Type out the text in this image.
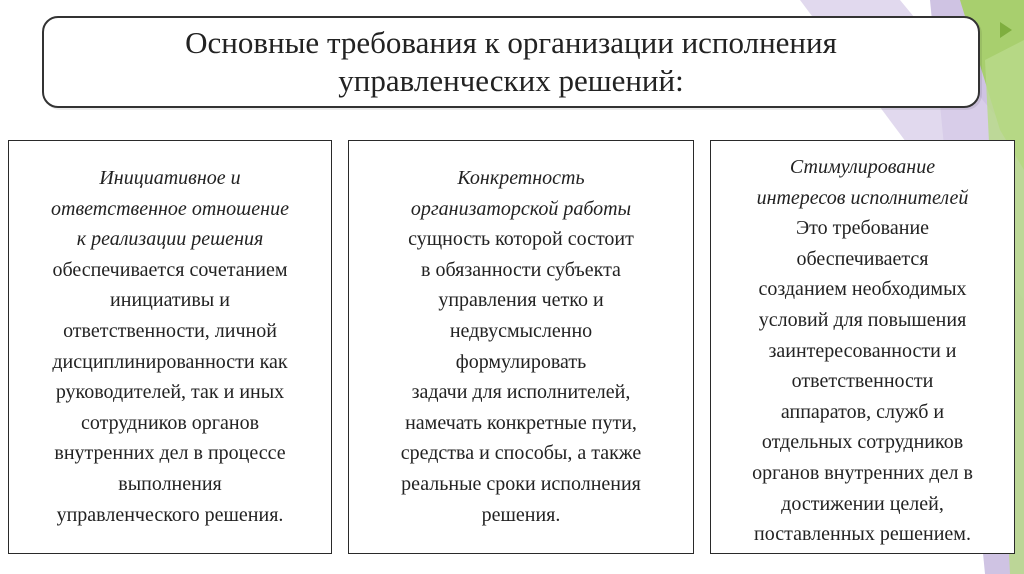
Основные требования к организации исполнения
управленческих решений:
Инициативное и
ответственное отношение
к реализации решения
обеспечивается сочетанием
инициативы и
ответственности, личной
дисциплинированности как
руководителей, так и иных
сотрудников органов
внутренних дел в процессе
выполнения
управленческого решения.
Конкретность
организаторской работы
сущность которой состоит
в обязанности субъекта
управления четко и
недвусмысленно
формулировать
задачи для исполнителей,
намечать конкретные пути,
средства и способы, а также
реальные сроки исполнения
решения.
Стимулирование
интересов исполнителей
Это требование
обеспечивается
созданием необходимых
условий для повышения
заинтересованности и
ответственности
аппаратов, служб и
отдельных сотрудников
органов внутренних дел в
достижении целей,
поставленных решением.
